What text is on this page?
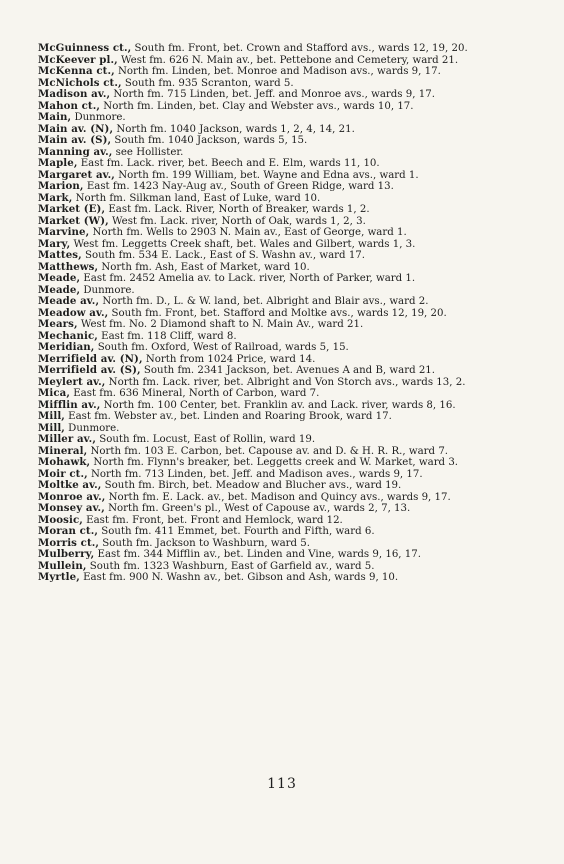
McGuinness ct., South fm. Front, bet. Crown and Stafford avs., wards 12, 19, 20.
McKeever pl., West fm. 626 N. Main av., bet. Pettebone and Cemetery, ward 21.
McKenna ct., North fm. Linden, bet. Monroe and Madison avs., wards 9, 17.
McNichols ct., South fm. 935 Scranton, ward 5.
Madison av., North fm. 715 Linden, bet. Jeff. and Monroe avs., wards 9, 17.
Mahon ct., North fm. Linden, bet. Clay and Webster avs., wards 10, 17.
Main, Dunmore.
Main av. (N), North fm. 1040 Jackson, wards 1, 2, 4, 14, 21.
Main av. (S), South fm. 1040 Jackson, wards 5, 15.
Manning av., see Hollister.
Maple, East fm. Lack. river, bet. Beech and E. Elm, wards 11, 10.
Margaret av., North fm. 199 William, bet. Wayne and Edna avs., ward 1.
Marion, East fm. 1423 Nay-Aug av., South of Green Ridge, ward 13.
Mark, North fm. Silkman land, East of Luke, ward 10.
Market (E), East fm. Lack. River, North of Breaker, wards 1, 2.
Market (W), West fm. Lack. river, North of Oak, wards 1, 2, 3.
Marvine, North fm. Wells to 2903 N. Main av., East of George, ward 1.
Mary, West fm. Leggetts Creek shaft, bet. Wales and Gilbert, wards 1, 3.
Mattes, South fm. 534 E. Lack., East of S. Washn av., ward 17.
Matthews, North fm. Ash, East of Market, ward 10.
Meade, East fm. 2452 Amelia av. to Lack. river, North of Parker, ward 1.
Meade, Dunmore.
Meade av., North fm. D., L. & W. land, bet. Albright and Blair avs., ward 2.
Meadow av., South fm. Front, bet. Stafford and Moltke avs., wards 12, 19, 20.
Mears, West fm. No. 2 Diamond shaft to N. Main Av., ward 21.
Mechanic, East fm. 118 Cliff, ward 8.
Meridian, South fm. Oxford, West of Railroad, wards 5, 15.
Merrifield av. (N), North from 1024 Price, ward 14.
Merrifield av. (S), South fm. 2341 Jackson, bet. Avenues A and B, ward 21.
Meylert av., North fm. Lack. river, bet. Albright and Von Storch avs., wards 13, 2.
Mica, East fm. 636 Mineral, North of Carbon, ward 7.
Mifflin av., North fm. 100 Center, bet. Franklin av. and Lack. river, wards 8, 16.
Mill, East fm. Webster av., bet. Linden and Roaring Brook, ward 17.
Mill, Dunmore.
Miller av., South fm. Locust, East of Rollin, ward 19.
Mineral, North fm. 103 E. Carbon, bet. Capouse av. and D. & H. R. R., ward 7.
Mohawk, North fm. Flynn's breaker, bet. Leggetts creek and W. Market, ward 3.
Moir ct., North fm. 713 Linden, bet. Jeff. and Madison aves., wards 9, 17.
Moltke av., South fm. Birch, bet. Meadow and Blucher avs., ward 19.
Monroe av., North fm. E. Lack. av., bet. Madison and Quincy avs., wards 9, 17.
Monsey av., North fm. Green's pl., West of Capouse av., wards 2, 7, 13.
Moosic, East fm. Front, bet. Front and Hemlock, ward 12.
Moran ct., South fm. 411 Emmet, bet. Fourth and Fifth, ward 6.
Morris ct., South fm. Jackson to Washburn, ward 5.
Mulberry, East fm. 344 Mifflin av., bet. Linden and Vine, wards 9, 16, 17.
Mullein, South fm. 1323 Washburn, East of Garfield av., ward 5.
Myrtle, East fm. 900 N. Washn av., bet. Gibson and Ash, wards 9, 10.
113
